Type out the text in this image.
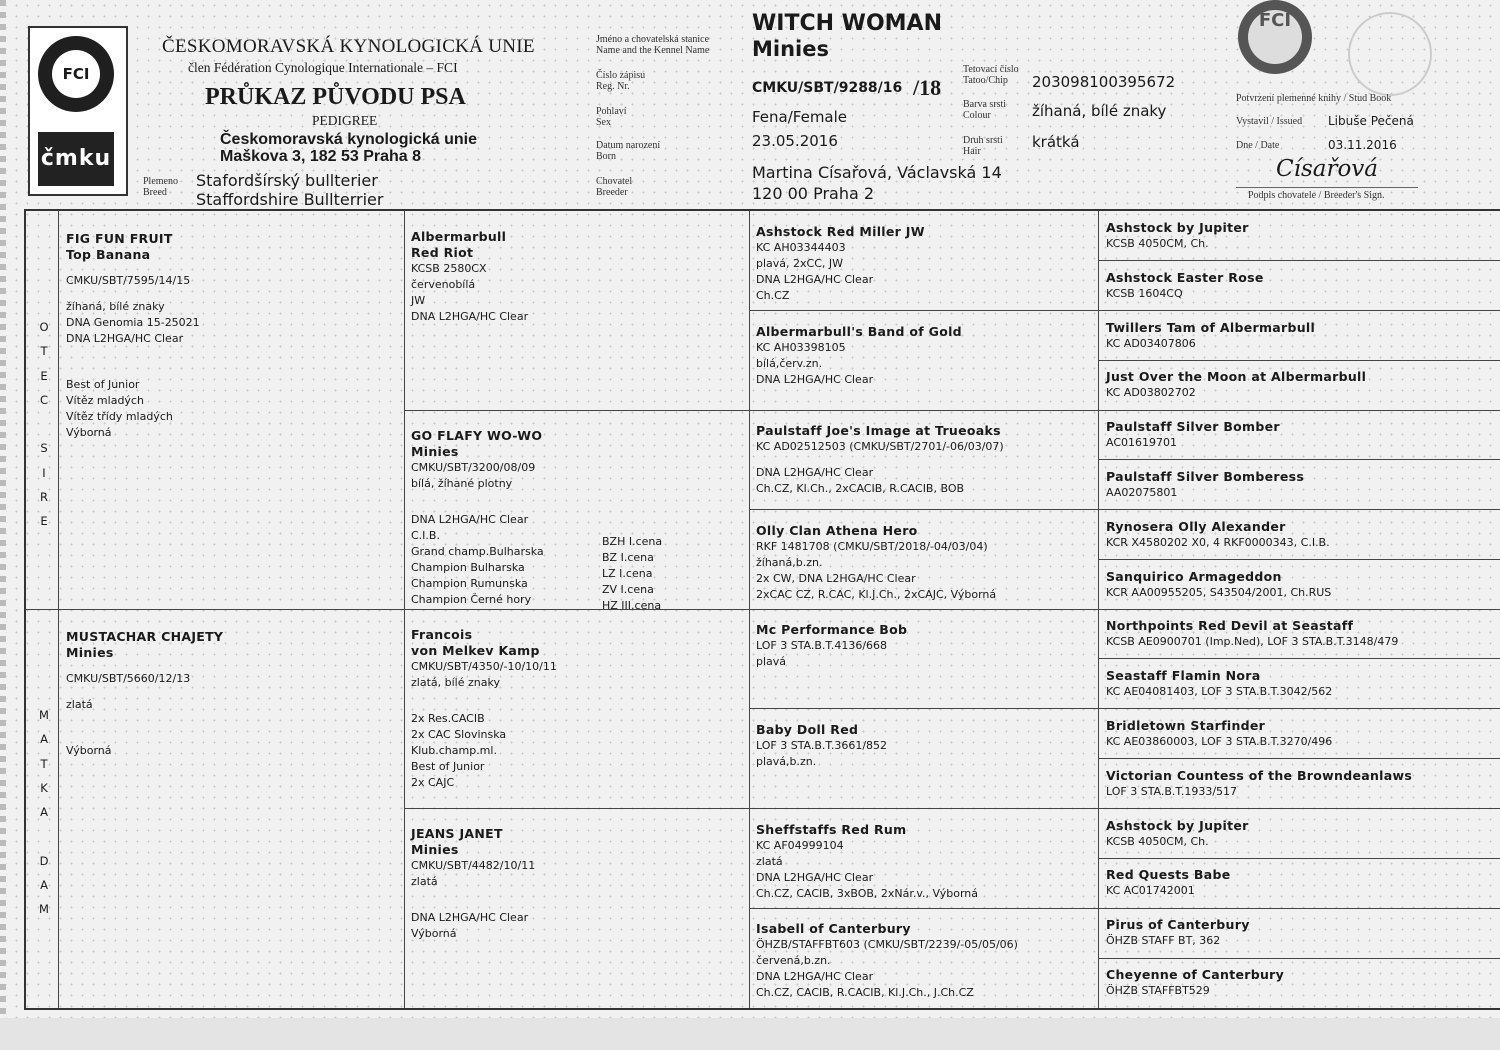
FCI
čmku
ČESKOMORAVSKÁ KYNOLOGICKÁ UNIE
člen Fédération Cynologique Internationale – FCI
PRŮKAZ PŮVODU PSA
PEDIGREE
Českomoravská kynologická unie
Maškova 3, 182 53 Praha 8
Plemeno
Breed
Stafordšírský bullterier
Staffordshire Bullterrier
Jméno a chovatelská stanice
Name and the Kennel Name
Číslo zápisu
Reg. Nr.
Pohlaví
Sex
Datum narození
Born
Chovatel
Breeder
WITCH WOMAN
Minies
CMKU/SBT/9288/16 /18
Fena/Female
23.05.2016
Martina Císařová, Václavská 14
120 00 Praha 2
Tetovací číslo
Tatoo/Chip
Barva srsti
Colour
Druh srsti
Hair
203098100395672
žíhaná, bílé znaky
krátká
FCI
Potvrzení plemenné knihy / Stud Book
Vystavil / Issued Libuše Pečená
Dne / Date	03.11.2016
Císařová
Podpis chovatele / Breeder's Sign.
O
T
E
C

S
I
R
E
M
A
T
K
A

D
A
M
FIG FUN FRUIT
Top Banana
CMKU/SBT/7595/14/15
žíhaná, bílé znaky
DNA Genomia 15-25021
DNA L2HGA/HC Clear
Best of Junior
Vítěz mladých
Vítěz třídy mladých
Výborná
MUSTACHAR CHAJETY
Minies
CMKU/SBT/5660/12/13
zlatá
Výborná
Albermarbull
Red Riot
KCSB 2580CX
červenobílá
JW
DNA L2HGA/HC Clear
GO FLAFY WO-WO
Minies
CMKU/SBT/3200/08/09
bílá, žíhané plotny
DNA L2HGA/HC Clear
C.I.B.
Grand champ.Bulharska
Champion Bulharska
Champion Rumunska
Champion Černé hory
BZH I.cena
BZ I.cena
LZ I.cena
ZV I.cena
HZ III.cena
Francois
von Melkev Kamp
CMKU/SBT/4350/-10/10/11
zlatá, bílé znaky
2x Res.CACIB
2x CAC Slovinska
Klub.champ.ml.
Best of Junior
2x CAJC
JEANS JANET
Minies
CMKU/SBT/4482/10/11
zlatá
DNA L2HGA/HC Clear
Výborná
Ashstock Red Miller JW
KC AH03344403
plavá, 2xCC, JW
DNA L2HGA/HC Clear
Ch.CZ
Albermarbull's Band of Gold
KC AH03398105
bílá,červ.zn.
DNA L2HGA/HC Clear
Paulstaff Joe's Image at Trueoaks
KC AD02512503 (CMKU/SBT/2701/-06/03/07)
DNA L2HGA/HC Clear
Ch.CZ, Kl.Ch., 2xCACIB, R.CACIB, BOB
Olly Clan Athena Hero
RKF 1481708 (CMKU/SBT/2018/-04/03/04)
žíhaná,b.zn.
2x CW, DNA L2HGA/HC Clear
2xCAC CZ, R.CAC, Kl.J.Ch., 2xCAJC, Výborná
Mc Performance Bob
LOF 3 STA.B.T.4136/668
plavá
Baby Doll Red
LOF 3 STA.B.T.3661/852
plavá,b.zn.
Sheffstaffs Red Rum
KC AF04999104
zlatá
DNA L2HGA/HC Clear
Ch.CZ, CACIB, 3xBOB, 2xNár.v., Výborná
Isabell of Canterbury
ÖHZB/STAFFBT603 (CMKU/SBT/2239/-05/05/06)
červená,b.zn.
DNA L2HGA/HC Clear
Ch.CZ, CACIB, R.CACIB, Kl.J.Ch., J.Ch.CZ
Ashstock by Jupiter
KCSB 4050CM, Ch.
Ashstock Easter Rose
KCSB 1604CQ
Twillers Tam of Albermarbull
KC AD03407806
Just Over the Moon at Albermarbull
KC AD03802702
Paulstaff Silver Bomber
AC01619701
Paulstaff Silver Bomberess
AA02075801
Rynosera Olly Alexander
KCR X4580202 X0, 4 RKF0000343, C.I.B.
Sanquirico Armageddon
KCR AA00955205, S43504/2001, Ch.RUS
Northpoints Red Devil at Seastaff
KCSB AE0900701 (Imp.Ned), LOF 3 STA.B.T.3148/479
Seastaff Flamin Nora
KC AE04081403, LOF 3 STA.B.T.3042/562
Bridletown Starfinder
KC AE03860003, LOF 3 STA.B.T.3270/496
Victorian Countess of the Browndeanlaws
LOF 3 STA.B.T.1933/517
Ashstock by Jupiter
KCSB 4050CM, Ch.
Red Quests Babe
KC AC01742001
Pirus of Canterbury
ÖHZB STAFF BT, 362
Cheyenne of Canterbury
ÖHZB STAFFBT529
